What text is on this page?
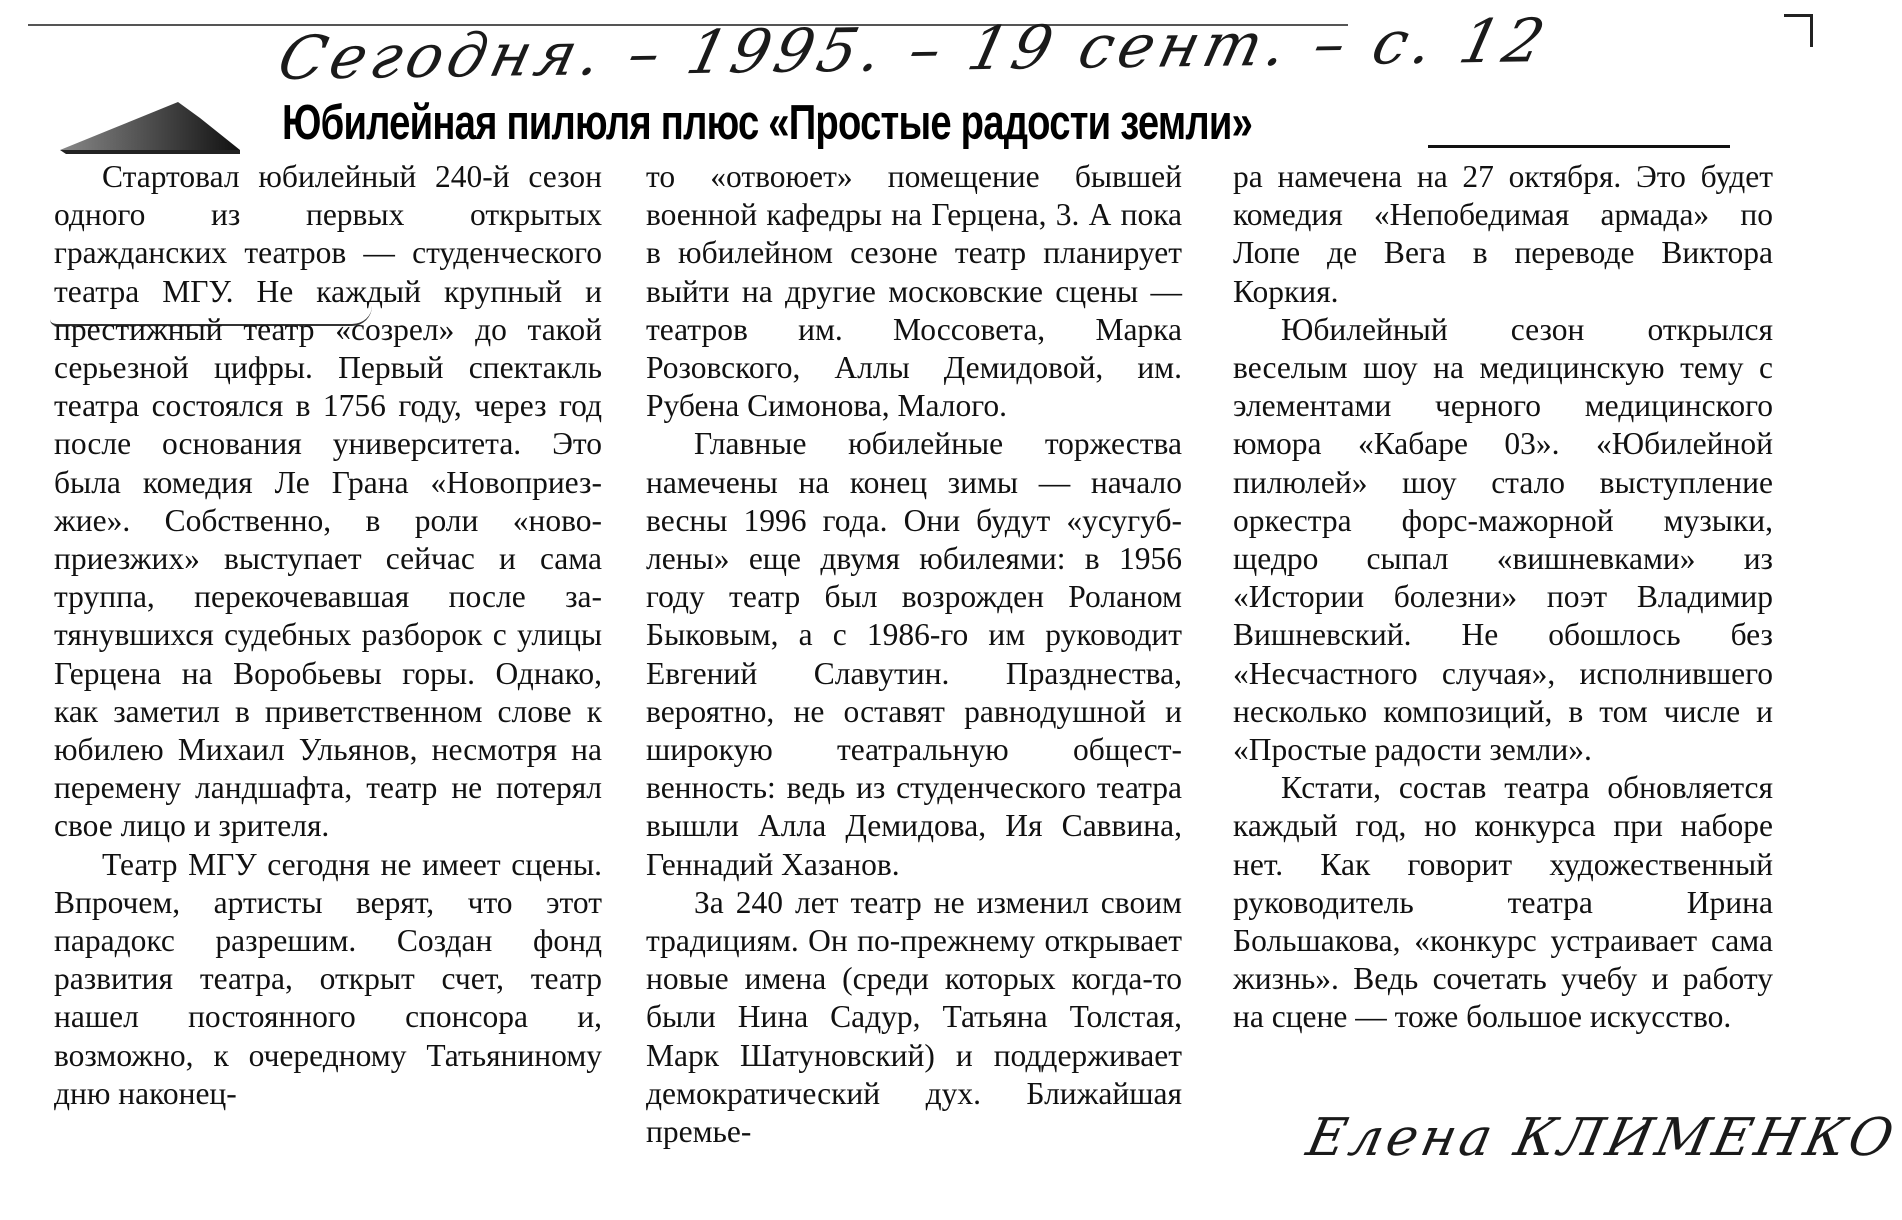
Сегодня. – 1995. – 19 сент. – с. 12
Юбилейная пилюля плюс «Простые радости земли»

Стартовал юбилейный 240-й сезон одного из первых открытых гражданских театров — студенческого театра МГУ. Не каждый крупный и престижный театр «созрел» до такой серьезной цифры. Первый спектакль театра состоялся в 1756 году, через год после основания университета. Это была комедия Ле Грана «Новоприезжие». Собственно, в роли «новоприезжих» выступает сейчас и сама труппа, перекочевавшая после затянувшихся судебных разборок с улицы Герцена на Воробьевы горы. Однако, как заметил в приветственном слове к юбилею Михаил Ульянов, несмотря на перемену ландшафта, театр не потерял свое лицо и зрителя.

Театр МГУ сегодня не имеет сцены. Впрочем, артисты верят, что этот парадокс разрешим. Создан фонд развития театра, открыт счет, театр нашел постоянного спонсора и, возможно, к очередному Татьяниному дню наконец-

то «отвоюет» помещение бывшей военной кафедры на Герцена, 3. А пока в юбилейном сезоне театр планирует выйти на другие московские сцены — театров им. Моссовета, Марка Розовского, Аллы Демидовой, им. Рубена Симонова, Малого.

Главные юбилейные торжества намечены на конец зимы — начало весны 1996 года. Они будут «усугублены» еще двумя юбилеями: в 1956 году театр был возрожден Роланом Быковым, а с 1986-го им руководит Евгений Славутин. Празднества, вероятно, не оставят равнодушной и широкую театральную общественность: ведь из студенческого театра вышли Алла Демидова, Ия Саввина, Геннадий Хазанов.

За 240 лет театр не изменил своим традициям. Он по-прежнему открывает новые имена (среди которых когда-то были Нина Садур, Татьяна Толстая, Марк Шатуновский) и поддерживает демократический дух. Ближайшая премье-

ра намечена на 27 октября. Это будет комедия «Непобедимая армада» по Лопе де Вега в переводе Виктора Коркия.

Юбилейный сезон открылся веселым шоу на медицинскую тему с элементами черного медицинского юмора «Кабаре 03». «Юбилейной пилюлей» шоу стало выступление оркестра форс-мажорной музыки, щедро сыпал «вишневками» из «Истории болезни» поэт Владимир Вишневский. Не обошлось без «Несчастного случая», исполнившего несколько композиций, в том числе и «Простые радости земли».

Кстати, состав театра обновляется каждый год, но конкурса при наборе нет. Как говорит художественный руководитель театра Ирина Большакова, «конкурс устраивает сама жизнь». Ведь сочетать учебу и работу на сцене — тоже большое искусство.

Елена КЛИМЕНКО
